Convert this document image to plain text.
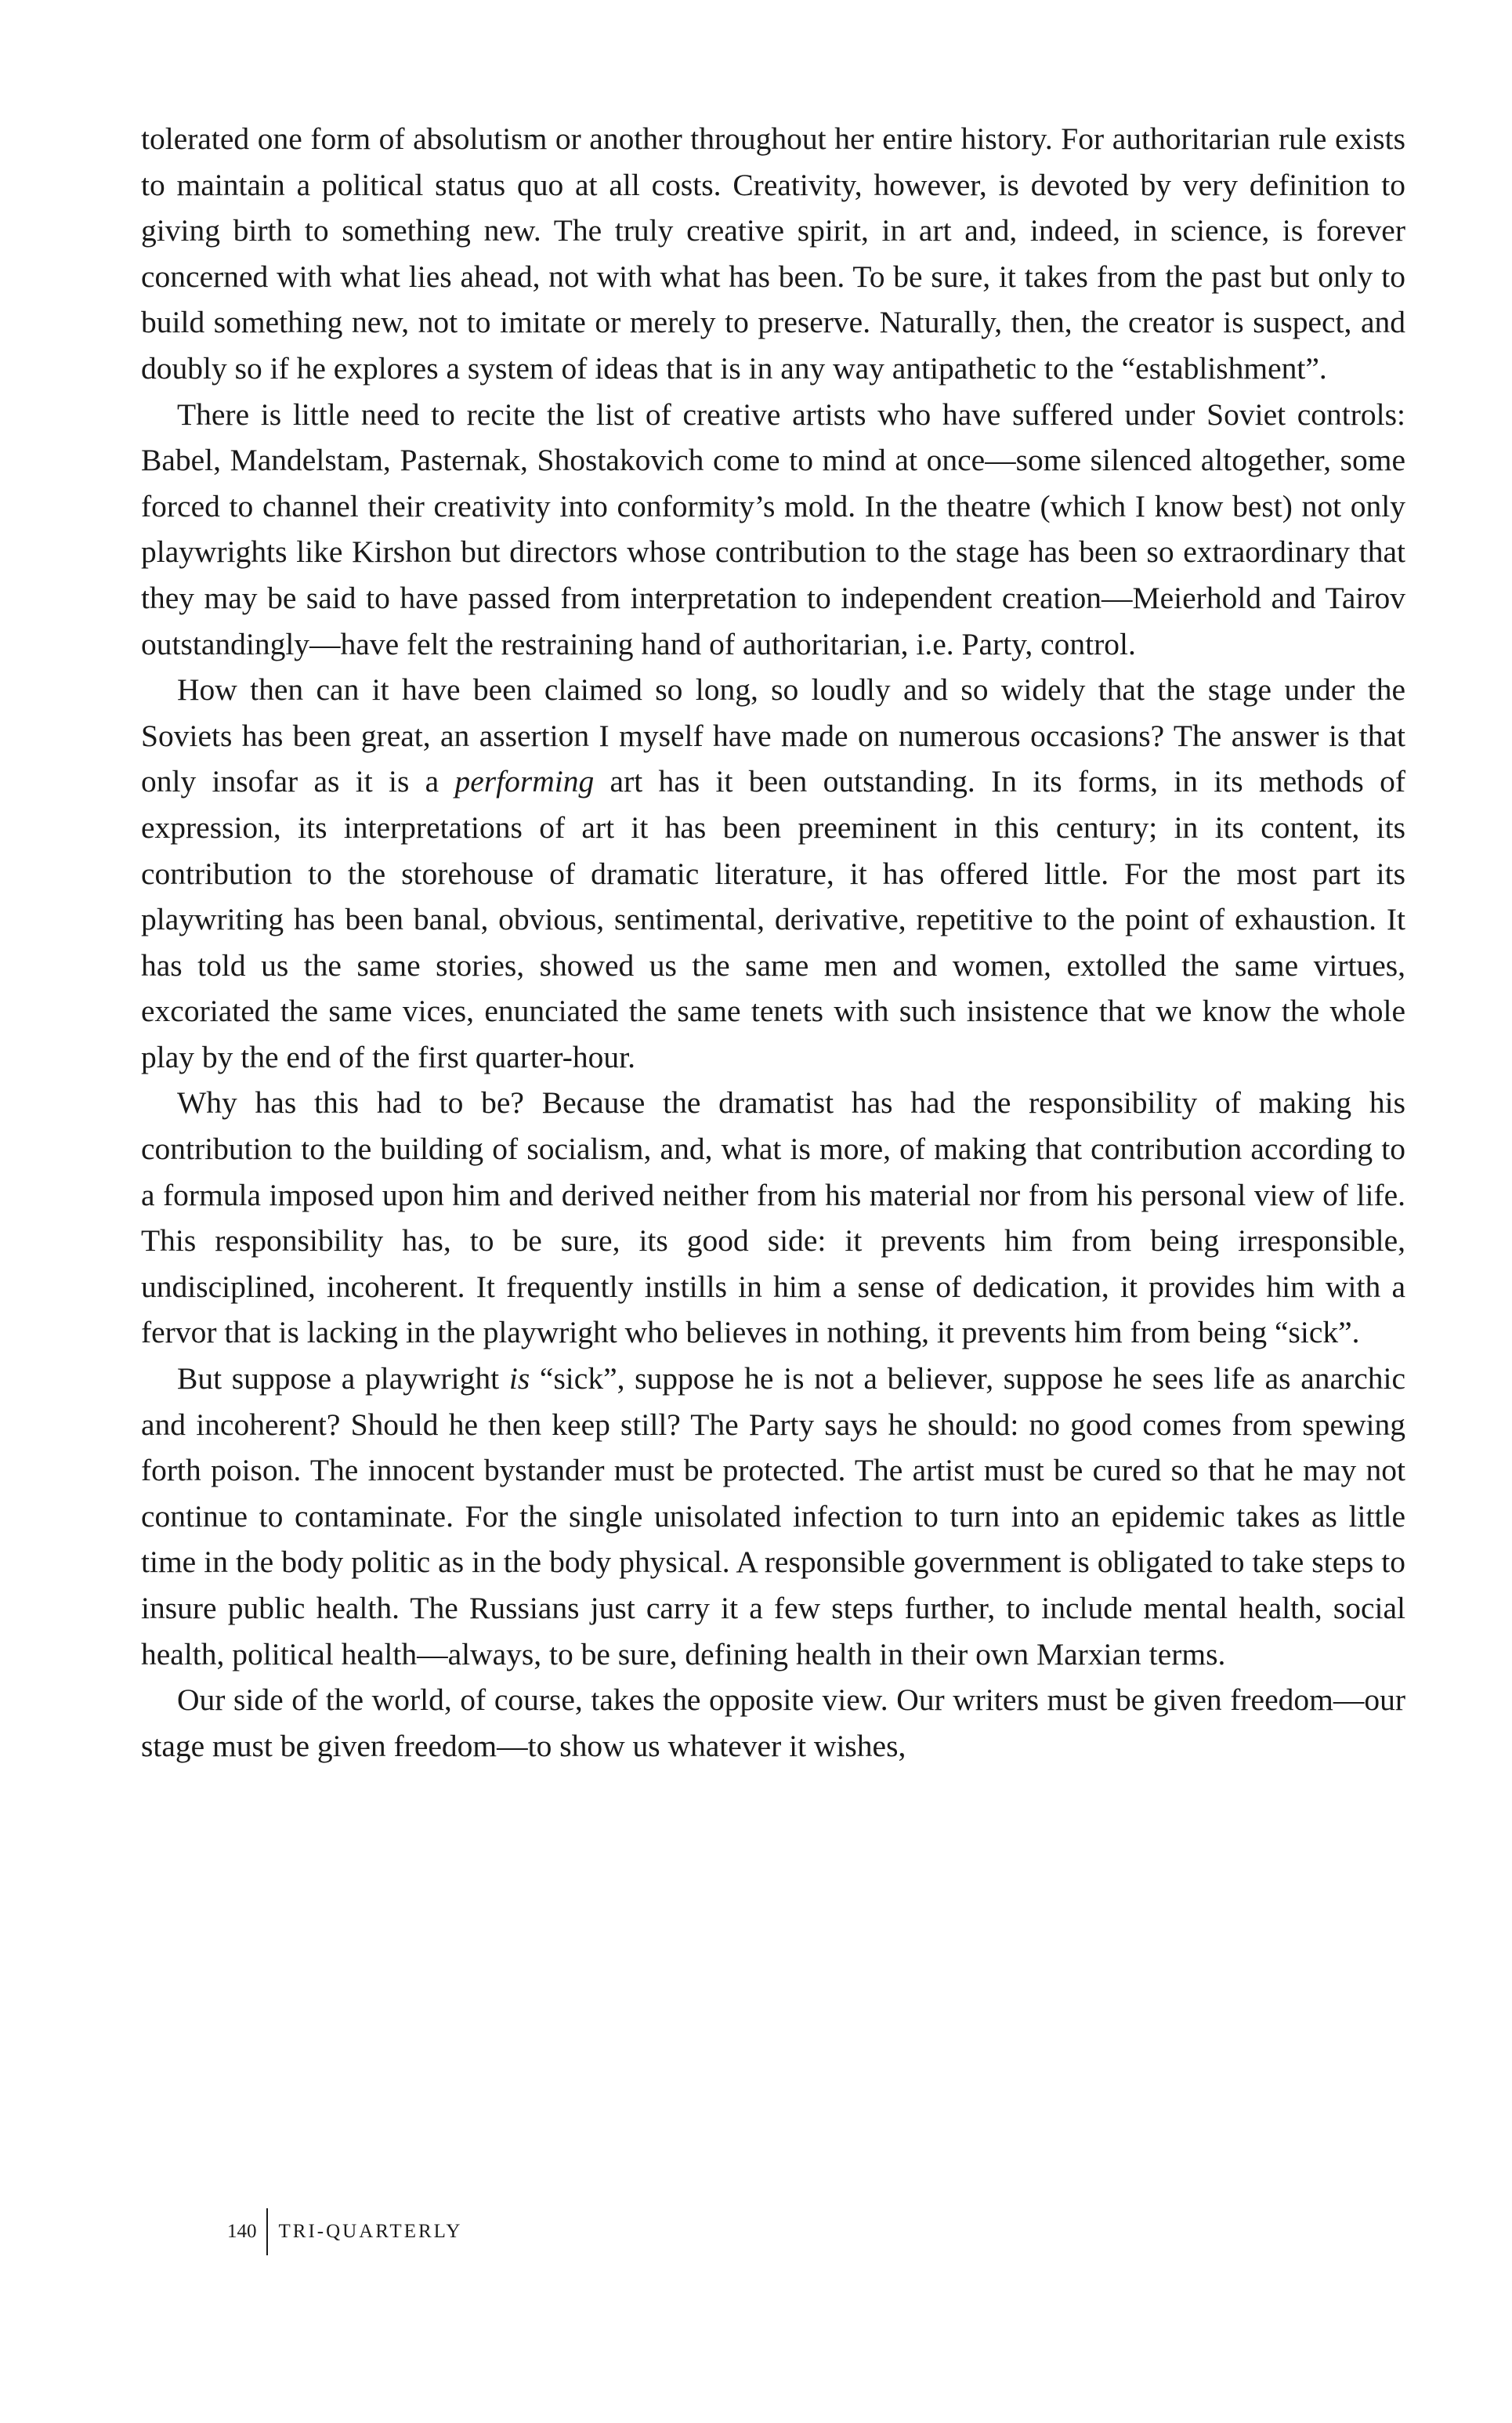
tolerated one form of absolutism or another throughout her entire history. For authoritarian rule exists to maintain a political status quo at all costs. Creativity, however, is devoted by very definition to giving birth to something new. The truly creative spirit, in art and, indeed, in science, is forever concerned with what lies ahead, not with what has been. To be sure, it takes from the past but only to build something new, not to imitate or merely to preserve. Naturally, then, the creator is suspect, and doubly so if he explores a system of ideas that is in any way antipathetic to the “establishment”.

There is little need to recite the list of creative artists who have suffered under Soviet controls: Babel, Mandelstam, Pasternak, Shostakovich come to mind at once—some silenced altogether, some forced to channel their creativity into conformity’s mold. In the theatre (which I know best) not only playwrights like Kirshon but directors whose contribution to the stage has been so extraordinary that they may be said to have passed from interpretation to independent creation—Meierhold and Tairov outstandingly—have felt the restraining hand of authoritarian, i.e. Party, control.

How then can it have been claimed so long, so loudly and so widely that the stage under the Soviets has been great, an assertion I myself have made on numerous occasions? The answer is that only insofar as it is a performing art has it been outstanding. In its forms, in its methods of expression, its interpretations of art it has been preeminent in this century; in its content, its contribution to the storehouse of dramatic literature, it has offered little. For the most part its playwriting has been banal, obvious, sentimental, derivative, repetitive to the point of exhaustion. It has told us the same stories, showed us the same men and women, extolled the same virtues, excoriated the same vices, enunciated the same tenets with such insistence that we know the whole play by the end of the first quarter-hour.

Why has this had to be? Because the dramatist has had the responsibility of making his contribution to the building of socialism, and, what is more, of making that contribution according to a formula imposed upon him and derived neither from his material nor from his personal view of life. This responsibility has, to be sure, its good side: it prevents him from being irresponsible, undisciplined, incoherent. It frequently instills in him a sense of dedication, it provides him with a fervor that is lacking in the playwright who believes in nothing, it prevents him from being “sick”.

But suppose a playwright is “sick”, suppose he is not a believer, suppose he sees life as anarchic and incoherent? Should he then keep still? The Party says he should: no good comes from spewing forth poison. The innocent bystander must be protected. The artist must be cured so that he may not continue to contaminate. For the single unisolated infection to turn into an epidemic takes as little time in the body politic as in the body physical. A responsible government is obligated to take steps to insure public health. The Russians just carry it a few steps further, to include mental health, social health, political health—always, to be sure, defining health in their own Marxian terms.

Our side of the world, of course, takes the opposite view. Our writers must be given freedom—our stage must be given freedom—to show us whatever it wishes,

140	TRI-QUARTERLY
